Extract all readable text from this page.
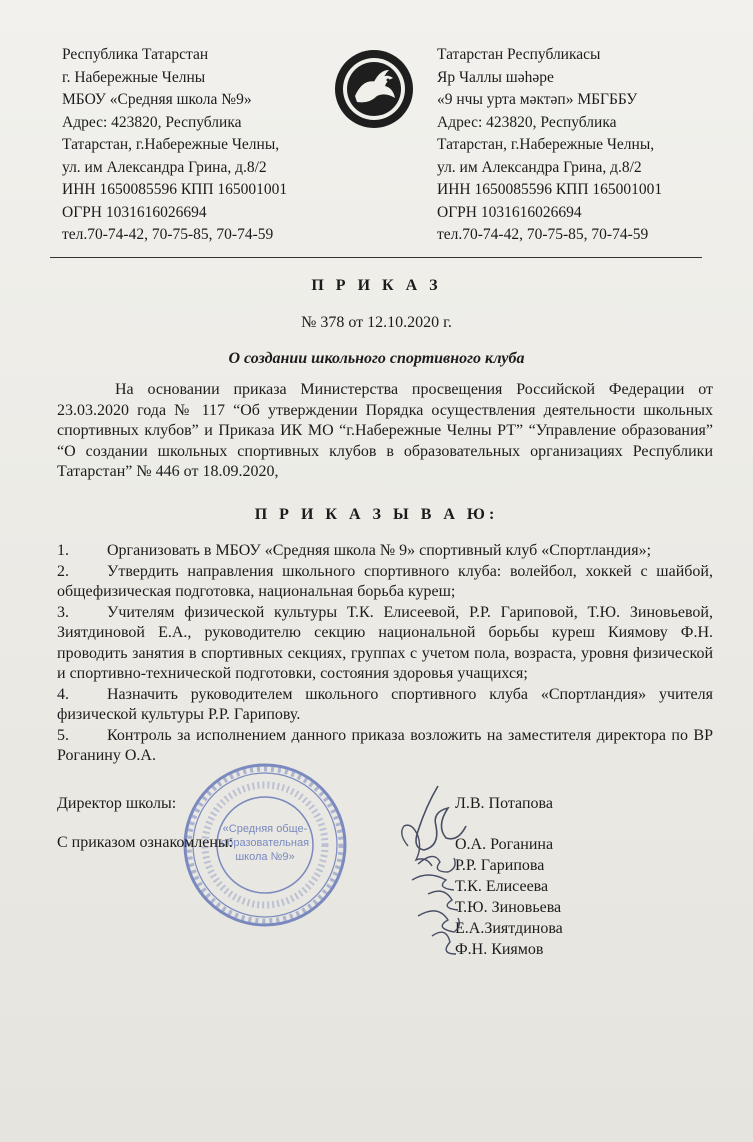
Республика Татарстан
г. Набережные Челны
МБОУ «Средняя школа №9»
Адрес: 423820, Республика
Татарстан, г.Набережные Челны,
ул. им Александра Грина, д.8/2
ИНН 1650085596 КПП 165001001
ОГРН 1031616026694
тел.70-74-42, 70-75-85, 70-74-59
Татарстан Республикасы
Яр Чаллы шәһәре
«9 нчы урта мәктәп» МБГББУ
Адрес: 423820, Республика
Татарстан, г.Набережные Челны,
ул. им Александра Грина, д.8/2
ИНН 1650085596 КПП 165001001
ОГРН 1031616026694
тел.70-74-42, 70-75-85, 70-74-59
П Р И К А З
№ 378 от 12.10.2020 г.
О создании школьного спортивного клуба
На основании приказа Министерства просвещения Российской Федерации от 23.03.2020 года № 117 “Об утверждении Порядка осуществления деятельности школьных спортивных клубов” и Приказа ИК МО “г.Набережные Челны РТ” “Управление образования” “О создании школьных спортивных клубов в образовательных организациях Республики Татарстан” № 446 от 18.09.2020,
П Р И К А З Ы В А Ю:
1. Организовать в МБОУ «Средняя школа № 9» спортивный клуб «Спортландия»;
2. Утвердить направления школьного спортивного клуба: волейбол, хоккей с шайбой, общефизическая подготовка, национальная борьба куреш;
3. Учителям физической культуры Т.К. Елисеевой, Р.Р. Гариповой, Т.Ю. Зиновьевой, Зиятдиновой Е.А., руководителю секцию национальной борьбы куреш Киямову Ф.Н. проводить занятия в спортивных секциях, группах с учетом пола, возраста, уровня физической и спортивно-технической подготовки, состояния здоровья учащихся;
4. Назначить руководителем школьного спортивного клуба «Спортландия» учителя физической культуры Р.Р. Гарипову.
5. Контроль за исполнением данного приказа возложить на заместителя директора по ВР Роганину О.А.
«Средняя обще-
образовательная
школа №9»
Директор школы:	Л.В. Потапова
С приказом ознакомлены:	О.А. Роганина
Р.Р. Гарипова
Т.К. Елисеева
Т.Ю. Зиновьева
Е.А.Зиятдинова
Ф.Н. Киямов
